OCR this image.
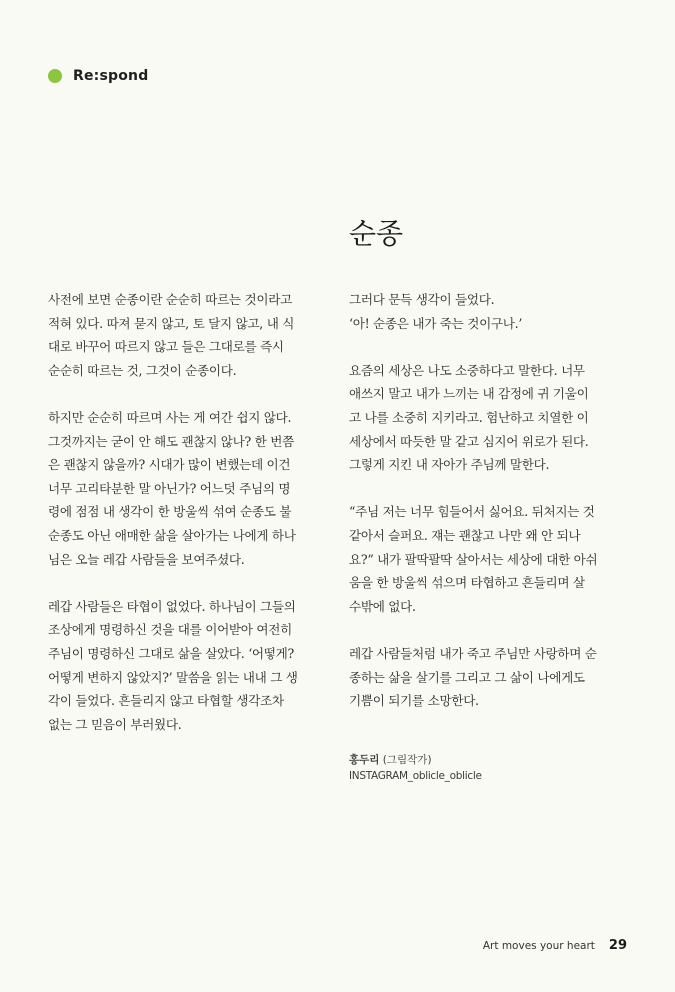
Re:spond
순종

사전에 보면 순종이란 순순히 따르는 것이라고
적혀 있다. 따져 묻지 않고, 토 달지 않고, 내 식
대로 바꾸어 따르지 않고 들은 그대로를 즉시
순순히 따르는 것, 그것이 순종이다.

하지만 순순히 따르며 사는 게 여간 쉽지 않다.
그것까지는 굳이 안 해도 괜찮지 않나? 한 번쯤
은 괜찮지 않을까? 시대가 많이 변했는데 이건
너무 고리타분한 말 아닌가? 어느덧 주님의 명
령에 점점 내 생각이 한 방울씩 섞여 순종도 불
순종도 아닌 애매한 삶을 살아가는 나에게 하나
님은 오늘 레갑 사람들을 보여주셨다.

레갑 사람들은 타협이 없었다. 하나님이 그들의
조상에게 명령하신 것을 대를 이어받아 여전히
주님이 명령하신 그대로 삶을 살았다. ‘어떻게?
어떻게 변하지 않았지?’ 말씀을 읽는 내내 그 생
각이 들었다. 흔들리지 않고 타협할 생각조차
없는 그 믿음이 부러웠다.

그러다 문득 생각이 들었다.
‘아! 순종은 내가 죽는 것이구나.’

요즘의 세상은 나도 소중하다고 말한다. 너무
애쓰지 말고 내가 느끼는 내 감정에 귀 기울이
고 나를 소중히 지키라고. 험난하고 치열한 이
세상에서 따듯한 말 같고 심지어 위로가 된다.
그렇게 지킨 내 자아가 주님께 말한다.

“주님 저는 너무 힘들어서 싫어요. 뒤처지는 것
같아서 슬퍼요. 쟤는 괜찮고 나만 왜 안 되나
요?” 내가 팔딱팔딱 살아서는 세상에 대한 아쉬
움을 한 방울씩 섞으며 타협하고 흔들리며 살
수밖에 없다.

레갑 사람들처럼 내가 죽고 주님만 사랑하며 순
종하는 삶을 살기를 그리고 그 삶이 나에게도
기쁨이 되기를 소망한다.

홍두리 (그림작가)
INSTAGRAM_oblicle_oblicle
Art moves your heart 29
